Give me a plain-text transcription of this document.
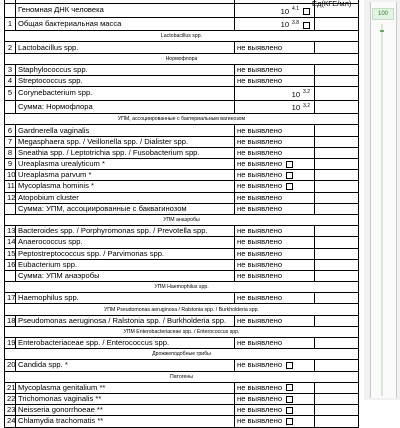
Ед(КГЕ/мл)

	Геномная ДНК человека	10 $^{4.1}$	
1	Общая бактериальная масса	10 $^{3.8}$	
Lactobacillus spp.			
2	Lactobacillus spp.	не выявлено	
Нормофлора			
3	Staphylococcus spp.	не выявлено	
4	Streptococcus spp.	не выявлено	
5	Corynebacterium spp.	10 $^{3.2}$	
	Сумма: Нормофлора	10 $^{3.2}$	
УПМ, ассоциированные с бактериальным вагинозом			
6	Gardnerella vaginalis	не выявлено	
7	Megasphaera spp. / Veillonella spp. / Dialister spp.	не выявлено	
8	Sneathia spp. / Leptotrichia spp. / Fusobacterium spp.	не выявлено	
9	Ureaplasma urealyticum *	не выявлено	
10	Ureaplasma parvum *	не выявлено	
11	Mycoplasma hominis *	не выявлено	
12	Atopobium cluster	не выявлено	
	Сумма: УПМ, ассоциированные с баквагинозом	не выявлено	
УПМ анаэробы			
13	Bacteroides spp. / Porphyromonas spp. / Prevotella spp.	не выявлено	
14	Anaerococcus spp.	не выявлено	
15	Peptostreptococcus spp. / Parvimonas spp.	не выявлено	
16	Eubacterium spp.	не выявлено	
	Сумма: УПМ анаэробы	не выявлено	
УПМ Haemophilus spp.			
17	Haemophilus spp.	не выявлено	
УПМ Pseudomonas aeruginosa / Ralstonia spp. / Burkholderia spp.			
18	Pseudomonas aeruginosa / Ralstonia spp. / Burkholderia spp.	не выявлено	
УПМ Enterobacteriaceae spp. / Enterococcus spp.			
19	Enterobacteriaceae spp. / Enterococcus spp.	не выявлено	
Дрожжеподобные грибы			
20	Candida spp. *	не выявлено	
Патогены			
21	Mycoplasma genitalium **	не выявлено	
22	Trichomonas vaginalis **	не выявлено	
23	Neisseria gonorrhoeae **	не выявлено	
24	Chlamydia trachomatis **	не выявлено	
100
